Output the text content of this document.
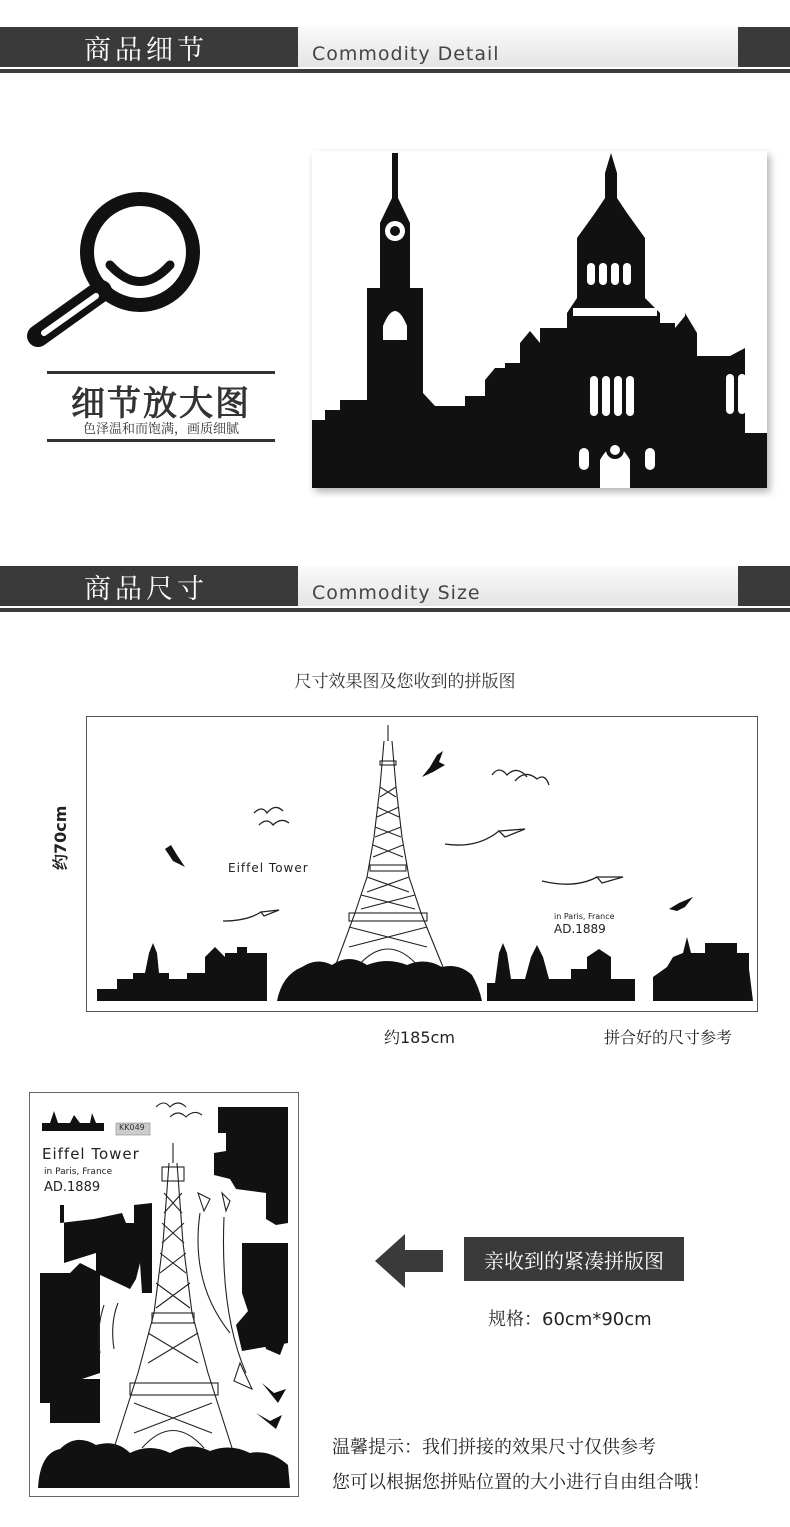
商品细节	Commodity Detail
细节放大图
色泽温和而饱满，画质细腻
商品尺寸	Commodity Size
尺寸效果图及您收到的拼版图
Eiffel Tower
in Paris, France
AD.1889
约70cm
约185cm	拼合好的尺寸参考
KK049
Eiffel Tower
in Paris, France
AD.1889
亲收到的紧凑拼版图
规格：60cm*90cm
温馨提示：我们拼接的效果尺寸仅供参考
您可以根据您拼贴位置的大小进行自由组合哦！
